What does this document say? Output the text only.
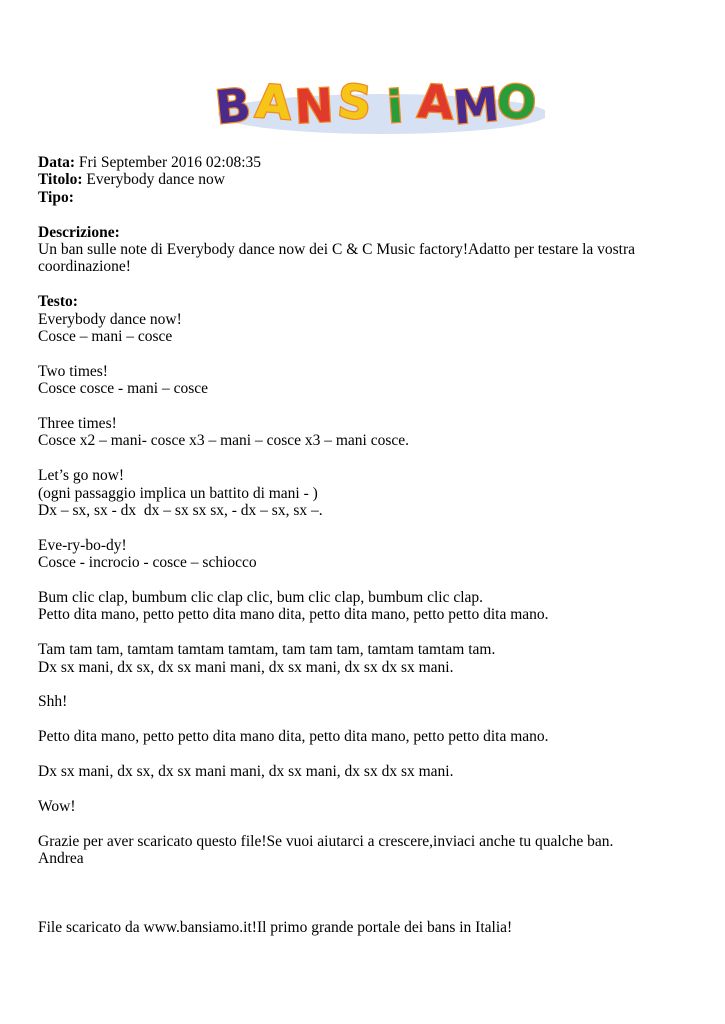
B A N S i A
M
O
Data: Fri September 2016 02:08:35
Titolo: Everybody dance now
Tipo:
Descrizione:
Un ban sulle note di Everybody dance now dei C & C Music factory!Adatto per testare la vostra coordinazione!
Testo:
Everybody dance now!
Cosce – mani – cosce
Two times!
Cosce cosce - mani – cosce
Three times!
Cosce x2 – mani- cosce x3 – mani – cosce x3 – mani cosce.
Let’s go now!
(ogni passaggio implica un battito di mani - )
Dx – sx, sx - dx  dx – sx sx sx, - dx – sx, sx –.
Eve-ry-bo-dy!
Cosce - incrocio - cosce – schiocco
Bum clic clap, bumbum clic clap clic, bum clic clap, bumbum clic clap.
Petto dita mano, petto petto dita mano dita, petto dita mano, petto petto dita mano.
Tam tam tam, tamtam tamtam tamtam, tam tam tam, tamtam tamtam tam.
Dx sx mani, dx sx, dx sx mani mani, dx sx mani, dx sx dx sx mani.
Shh!
Petto dita mano, petto petto dita mano dita, petto dita mano, petto petto dita mano.
Dx sx mani, dx sx, dx sx mani mani, dx sx mani, dx sx dx sx mani.
Wow!
Grazie per aver scaricato questo file!Se vuoi aiutarci a crescere,inviaci anche tu qualche ban.
Andrea
File scaricato da www.bansiamo.it!Il primo grande portale dei bans in Italia!
